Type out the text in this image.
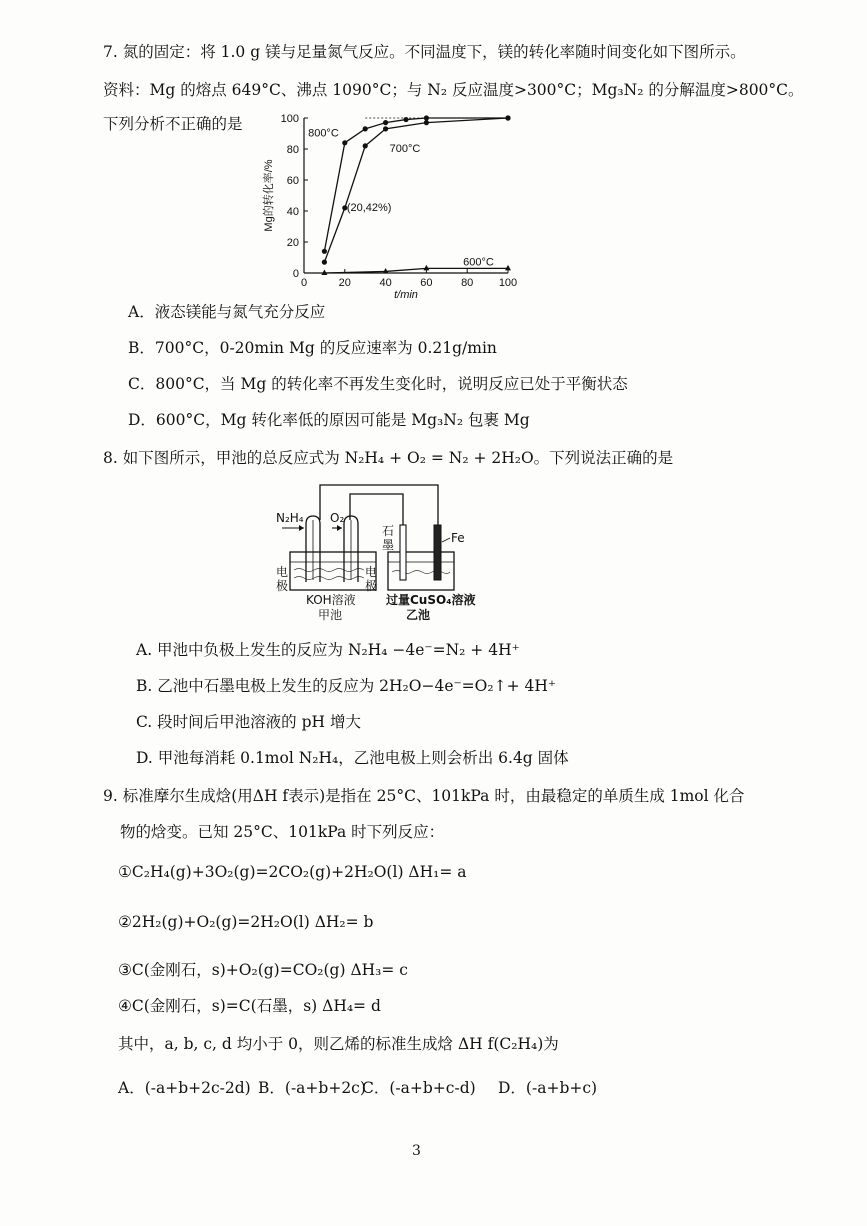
7. 氮的固定：将 1.0 g 镁与足量氮气反应。不同温度下，镁的转化率随时间变化如下图所示。
资料：Mg 的熔点 649°C、沸点 1090°C；与 N₂ 反应温度>300°C；Mg₃N₂ 的分解温度>800°C。
下列分析不正确的是
0	20	40	60	80 100
0
20
40
60
80
100
t/min
Mg的转化率/%
800°C
700°C
600°C
(20,42%)
A．液态镁能与氮气充分反应
B．700°C，0-20min Mg 的反应速率为 0.21g/min
C．800°C，当 Mg 的转化率不再发生变化时，说明反应已处于平衡状态
D．600°C，Mg 转化率低的原因可能是 Mg₃N₂ 包裹 Mg
8. 如下图所示，甲池的总反应式为 N₂H₄ + O₂ = N₂ + 2H₂O。下列说法正确的是
N₂H₄ O₂
石
墨	Fe
电
极
电
极
KOH溶液
甲池
过量CuSO₄溶液
乙池
A. 甲池中负极上发生的反应为 N₂H₄ −4e⁻=N₂ + 4H⁺
B. 乙池中石墨电极上发生的反应为 2H₂O−4e⁻=O₂↑+ 4H⁺
C. 段时间后甲池溶液的 pH 增大
D. 甲池每消耗 0.1mol N₂H₄，乙池电极上则会析出 6.4g 固体
9. 标准摩尔生成焓(用ΔH f表示)是指在 25°C、101kPa 时，由最稳定的单质生成 1mol 化合
物的焓变。已知 25°C、101kPa 时下列反应：
①C₂H₄(g)+3O₂(g)=2CO₂(g)+2H₂O(l) ΔH₁= a
②2H₂(g)+O₂(g)=2H₂O(l) ΔH₂= b
③C(金刚石，s)+O₂(g)=CO₂(g) ΔH₃= c
④C(金刚石，s)=C(石墨，s) ΔH₄= d
其中，a, b, c, d 均小于 0，则乙烯的标准生成焓 ΔH f(C₂H₄)为
A．(-a+b+2c-2d) B．(-a+b+2c)
C．(-a+b+c-d) D．(-a+b+c)
3
